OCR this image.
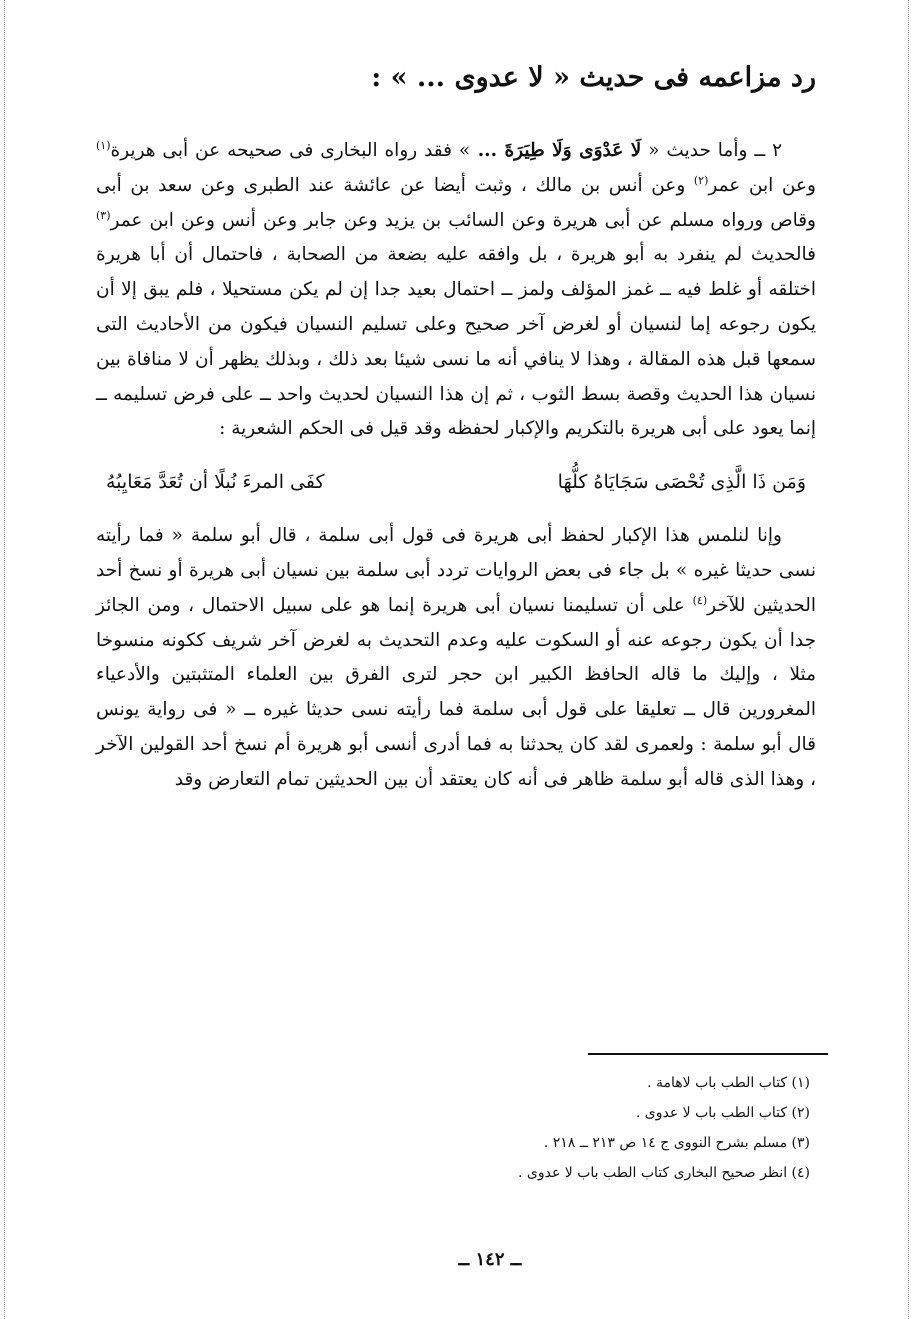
رد مزاعمه فى حديث « لا عدوى ... » :

٢ ــ وأما حديث « لَا عَدْوَى وَلَا طِيَرَةَ ... » فقد رواه البخارى فى صحيحه عن أبى هريرة$^{(١)}$ وعن ابن عمر$^{(٢)}$ وعن أنس بن مالك ، وثبت أيضا عن عائشة عند الطبرى وعن سعد بن أبى وقاص ورواه مسلم عن أبى هريرة وعن السائب بن يزيد وعن جابر وعن أنس وعن ابن عمر$^{(٣)}$ فالحديث لم ينفرد به أبو هريرة ، بل وافقه عليه بضعة من الصحابة ، فاحتمال أن أبا هريرة اختلقه أو غلط فيه ــ غمز المؤلف ولمز ــ احتمال بعيد جدا إن لم يكن مستحيلا ، فلم يبق إلا أن يكون رجوعه إما لنسيان أو لغرض آخر صحيح وعلى تسليم النسيان فيكون من الأحاديث التى سمعها قبل هذه المقالة ، وهذا لا ينافي أنه ما نسى شيئا بعد ذلك ، وبذلك يظهر أن لا منافاة بين نسيان هذا الحديث وقصة بسط الثوب ، ثم إن هذا النسيان لحديث واحد ــ على فرض تسليمه ــ إنما يعود على أبى هريرة بالتكريم والإكبار لحفظه وقد قيل فى الحكم الشعرية :

وَمَن ذَا الَّذِى تُحْصَى سَجَايَاهُ كلُّهَا
كفَى المرءَ نُبلًا أن تُعَدَّ مَعَايِبُهُ

وإنا لنلمس هذا الإكبار لحفظ أبى هريرة فى قول أبى سلمة ، قال أبو سلمة « فما رأيته نسى حديثا غيره » بل جاء فى بعض الروايات تردد أبى سلمة بين نسيان أبى هريرة أو نسخ أحد الحديثين للآخر$^{(٤)}$ على أن تسليمنا نسيان أبى هريرة إنما هو على سبيل الاحتمال ، ومن الجائز جدا أن يكون رجوعه عنه أو السكوت عليه وعدم التحديث به لغرض آخر شريف ككونه منسوخا مثلا ، وإليك ما قاله الحافظ الكبير ابن حجر لترى الفرق بين العلماء المتثبتين والأدعياء المغرورين قال ــ تعليقا على قول أبى سلمة فما رأيته نسى حديثا غيره ــ « فى رواية يونس قال أبو سلمة : ولعمرى لقد كان يحدثنا به فما أدرى أنسى أبو هريرة أم نسخ أحد القولين الآخر ، وهذا الذى قاله أبو سلمة ظاهر فى أنه كان يعتقد أن بين الحديثين تمام التعارض وقد

(١) كتاب الطب باب لاهامة .
(٢) كتاب الطب باب لا عدوى .
(٣) مسلم بشرح النووى ج ١٤ ص ٢١٣ ــ ٢١٨ .
(٤) انظر صحيح البخارى كتاب الطب باب لا عدوى .
ــ ١٤٢ ــ
